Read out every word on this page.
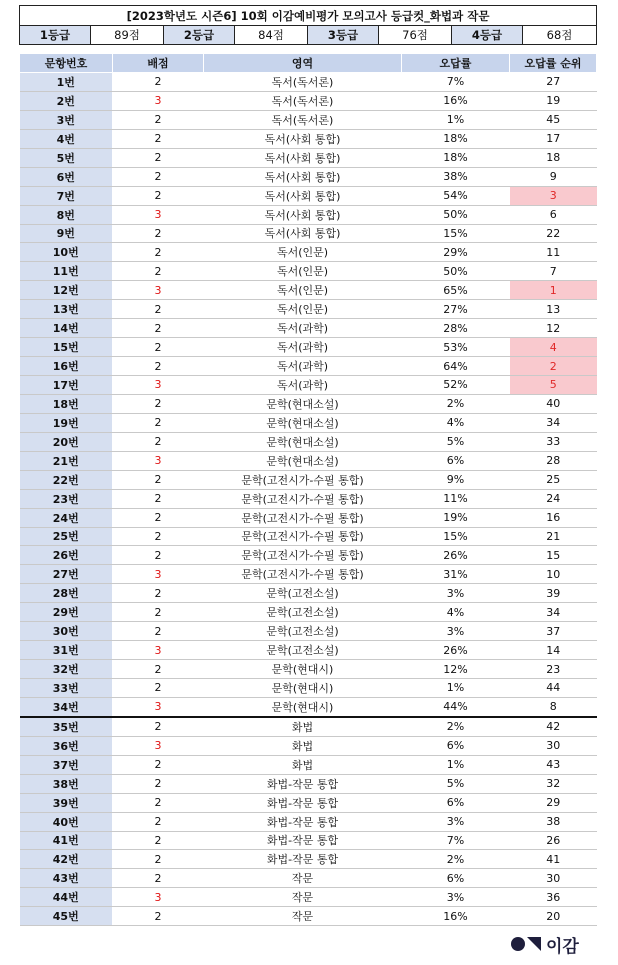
[2023학년도 시즌6] 10회 이감예비평가 모의고사 등급컷_화법과 작문
1등급	89점	2등급	84점	3등급	76점	4등급	68점
문항번호	배점	영역	오답률	오답률 순위
1번	2	독서(독서론)	7%	27
2번	3	독서(독서론)	16%	19
3번	2	독서(독서론)	1%	45
4번	2	독서(사회 통합)	18%	17
5번	2	독서(사회 통합)	18%	18
6번	2	독서(사회 통합)	38%	9
7번	2	독서(사회 통합)	54%	3
8번	3	독서(사회 통합)	50%	6
9번	2	독서(사회 통합)	15%	22
10번	2	독서(인문)	29%	11
11번	2	독서(인문)	50%	7
12번	3	독서(인문)	65%	1
13번	2	독서(인문)	27%	13
14번	2	독서(과학)	28%	12
15번	2	독서(과학)	53%	4
16번	2	독서(과학)	64%	2
17번	3	독서(과학)	52%	5
18번	2	문학(현대소설)	2%	40
19번	2	문학(현대소설)	4%	34
20번	2	문학(현대소설)	5%	33
21번	3	문학(현대소설)	6%	28
22번	2	문학(고전시가-수필 통합)	9%	25
23번	2	문학(고전시가-수필 통합)	11%	24
24번	2	문학(고전시가-수필 통합)	19%	16
25번	2	문학(고전시가-수필 통합)	15%	21
26번	2	문학(고전시가-수필 통합)	26%	15
27번	3	문학(고전시가-수필 통합)	31%	10
28번	2	문학(고전소설)	3%	39
29번	2	문학(고전소설)	4%	34
30번	2	문학(고전소설)	3%	37
31번	3	문학(고전소설)	26%	14
32번	2	문학(현대시)	12%	23
33번	2	문학(현대시)	1%	44
34번	3	문학(현대시)	44%	8
35번	2	화법	2%	42
36번	3	화법	6%	30
37번	2	화법	1%	43
38번	2	화법-작문 통합	5%	32
39번	2	화법-작문 통합	6%	29
40번	2	화법-작문 통합	3%	38
41번	2	화법-작문 통합	7%	26
42번	2	화법-작문 통합	2%	41
43번	2	작문	6%	30
44번	3	작문	3%	36
45번	2	작문	16%	20
이감
